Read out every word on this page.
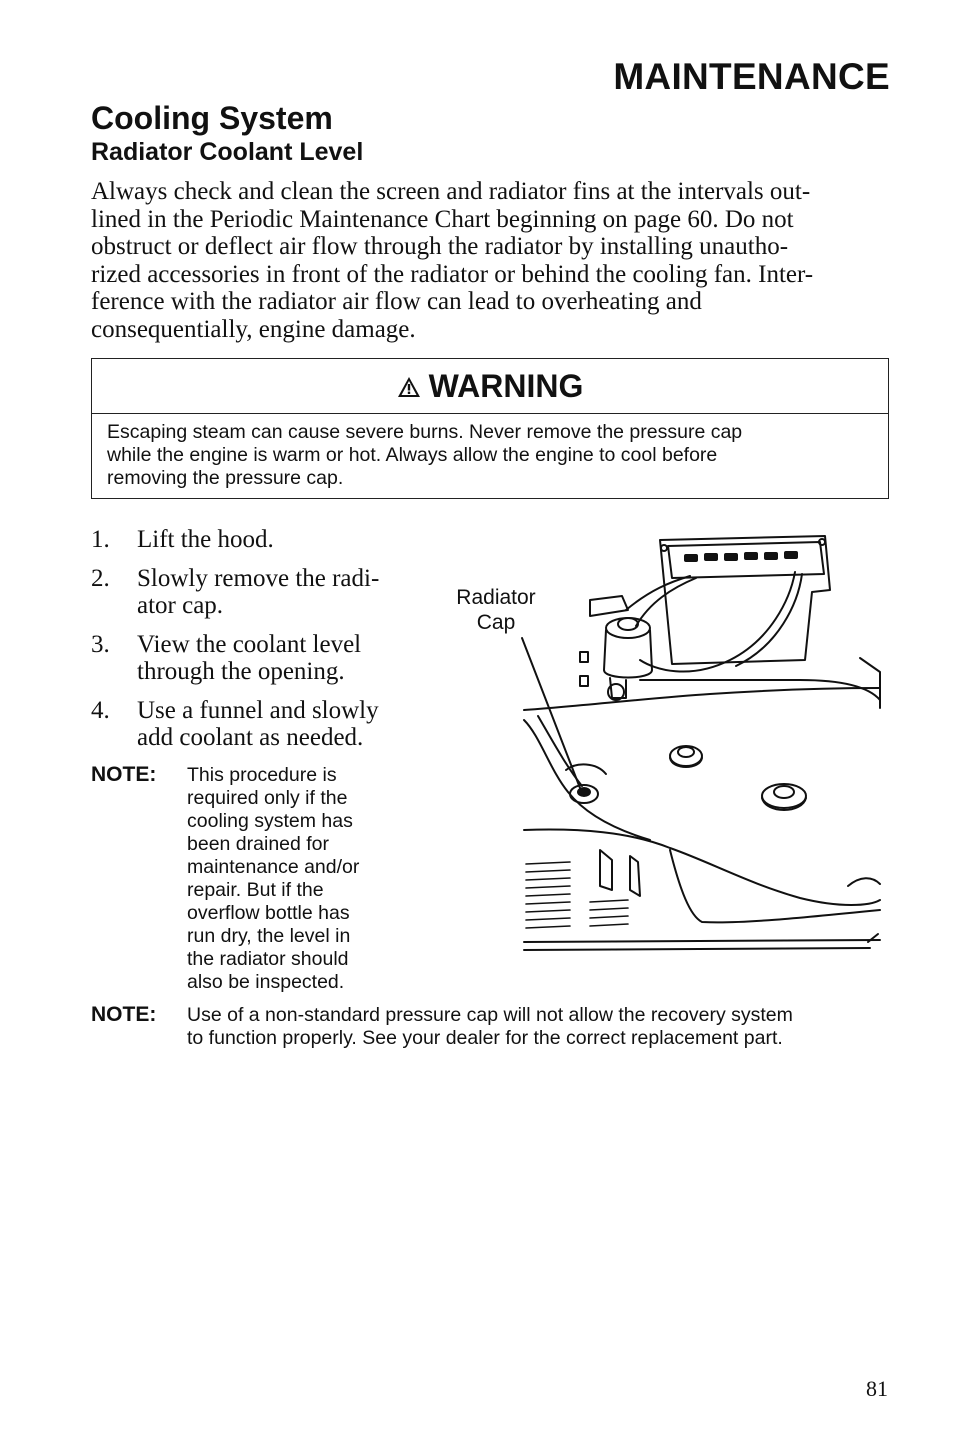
MAINTENANCE
Cooling System
Radiator Coolant Level
Always check and clean the screen and radiator fins at the intervals out-
lined in the Periodic Maintenance Chart beginning on page 60. Do not
obstruct or deflect air flow through the radiator by installing unautho-
rized accessories in front of the radiator or behind the cooling fan. Inter-
ference with the radiator air flow can lead to overheating and
consequentially, engine damage.
WARNING
Escaping steam can cause severe burns. Never remove the pressure cap
while the engine is warm or hot. Always allow the engine to cool before
removing the pressure cap.
1. Lift the hood.
2. Slowly remove the radi-
ator cap.
3. View the coolant level
through the opening.
4. Use a funnel and slowly
add coolant as needed.
NOTE: This procedure is
required only if the
cooling system has
been drained for
maintenance and/or
repair. But if the
overflow bottle has
run dry, the level in
the radiator should
also be inspected.
NOTE: Use of a non-standard pressure cap will not allow the recovery system
to function properly. See your dealer for the correct replacement part.
Radiator
Cap
81
